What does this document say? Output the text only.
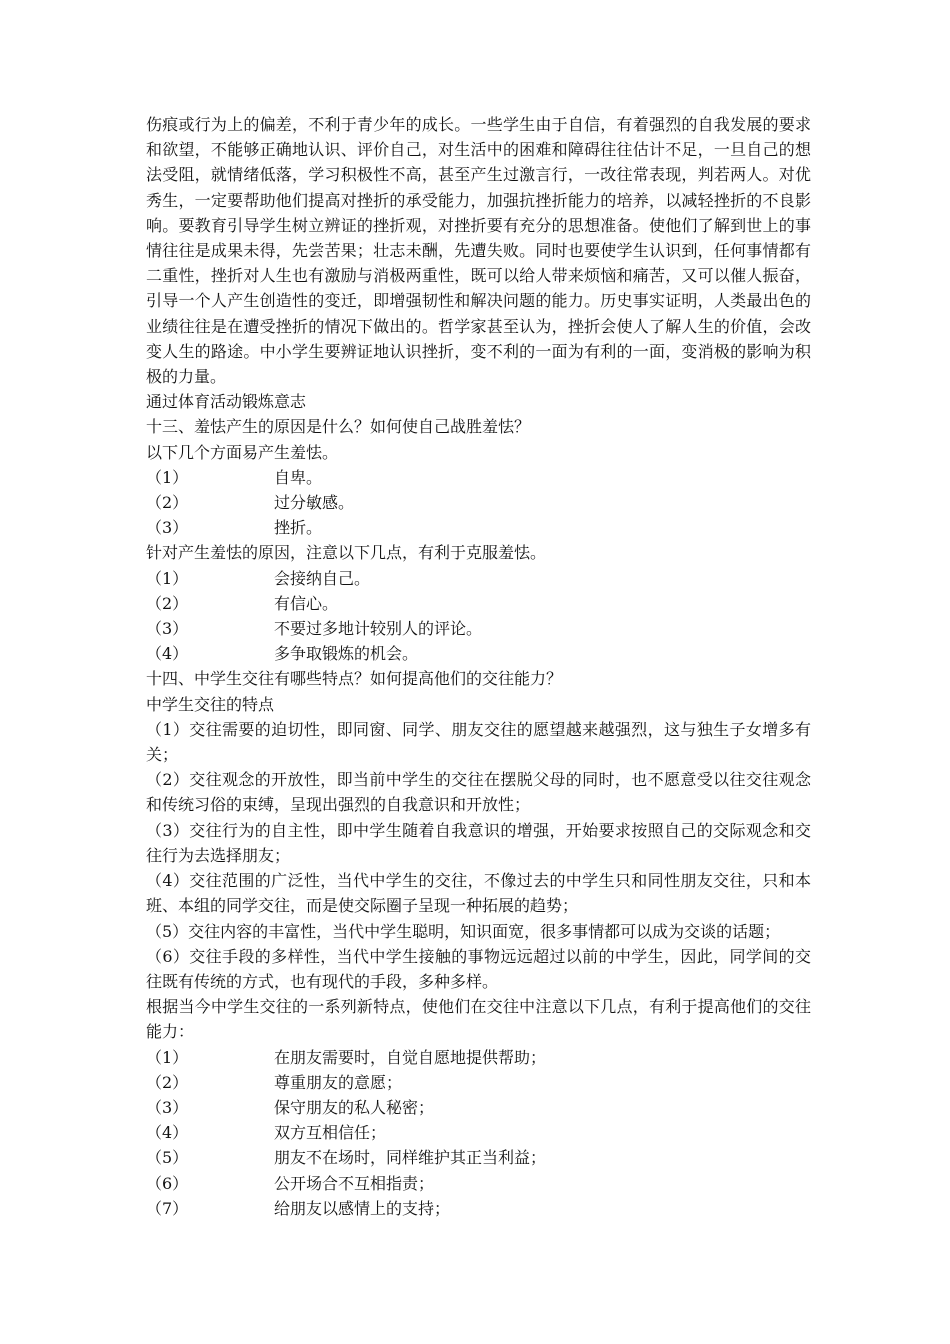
伤痕或行为上的偏差，不利于青少年的成长。一些学生由于自信，有着强烈的自我发展的要求和欲望，不能够正确地认识、评价自己，对生活中的困难和障碍往往估计不足，一旦自己的想法受阻，就情绪低落，学习积极性不高，甚至产生过激言行，一改往常表现，判若两人。对优秀生，一定要帮助他们提高对挫折的承受能力，加强抗挫折能力的培养，以减轻挫折的不良影响。要教育引导学生树立辨证的挫折观，对挫折要有充分的思想准备。使他们了解到世上的事情往往是成果未得，先尝苦果；壮志未酬，先遭失败。同时也要使学生认识到，任何事情都有二重性，挫折对人生也有激励与消极两重性，既可以给人带来烦恼和痛苦，又可以催人振奋，引导一个人产生创造性的变迁，即增强韧性和解决问题的能力。历史事实证明，人类最出色的业绩往往是在遭受挫折的情况下做出的。哲学家甚至认为，挫折会使人了解人生的价值，会改变人生的路途。中小学生要辨证地认识挫折，变不利的一面为有利的一面，变消极的影响为积极的力量。

通过体育活动锻炼意志

十三、羞怯产生的原因是什么？如何使自己战胜羞怯？

以下几个方面易产生羞怯。

（1）	自卑。
（2）	过分敏感。
（3）	挫折。

针对产生羞怯的原因，注意以下几点，有利于克服羞怯。

（1）	会接纳自己。
（2）	有信心。
（3）	不要过多地计较别人的评论。
（4）	多争取锻炼的机会。

十四、中学生交往有哪些特点？如何提高他们的交往能力？

中学生交往的特点

（1）交往需要的迫切性，即同窗、同学、朋友交往的愿望越来越强烈，这与独生子女增多有关；

（2）交往观念的开放性，即当前中学生的交往在摆脱父母的同时，也不愿意受以往交往观念和传统习俗的束缚，呈现出强烈的自我意识和开放性；

（3）交往行为的自主性，即中学生随着自我意识的增强，开始要求按照自己的交际观念和交往行为去选择朋友；

（4）交往范围的广泛性，当代中学生的交往，不像过去的中学生只和同性朋友交往，只和本班、本组的同学交往，而是使交际圈子呈现一种拓展的趋势；

（5）交往内容的丰富性，当代中学生聪明，知识面宽，很多事情都可以成为交谈的话题；

（6）交往手段的多样性，当代中学生接触的事物远远超过以前的中学生，因此，同学间的交往既有传统的方式，也有现代的手段，多种多样。

根据当今中学生交往的一系列新特点，使他们在交往中注意以下几点，有利于提高他们的交往能力：

（1）	在朋友需要时，自觉自愿地提供帮助；
（2）	尊重朋友的意愿；
（3）	保守朋友的私人秘密；
（4）	双方互相信任；
（5）	朋友不在场时，同样维护其正当利益；
（6）	公开场合不互相指责；
（7）	给朋友以感情上的支持；
